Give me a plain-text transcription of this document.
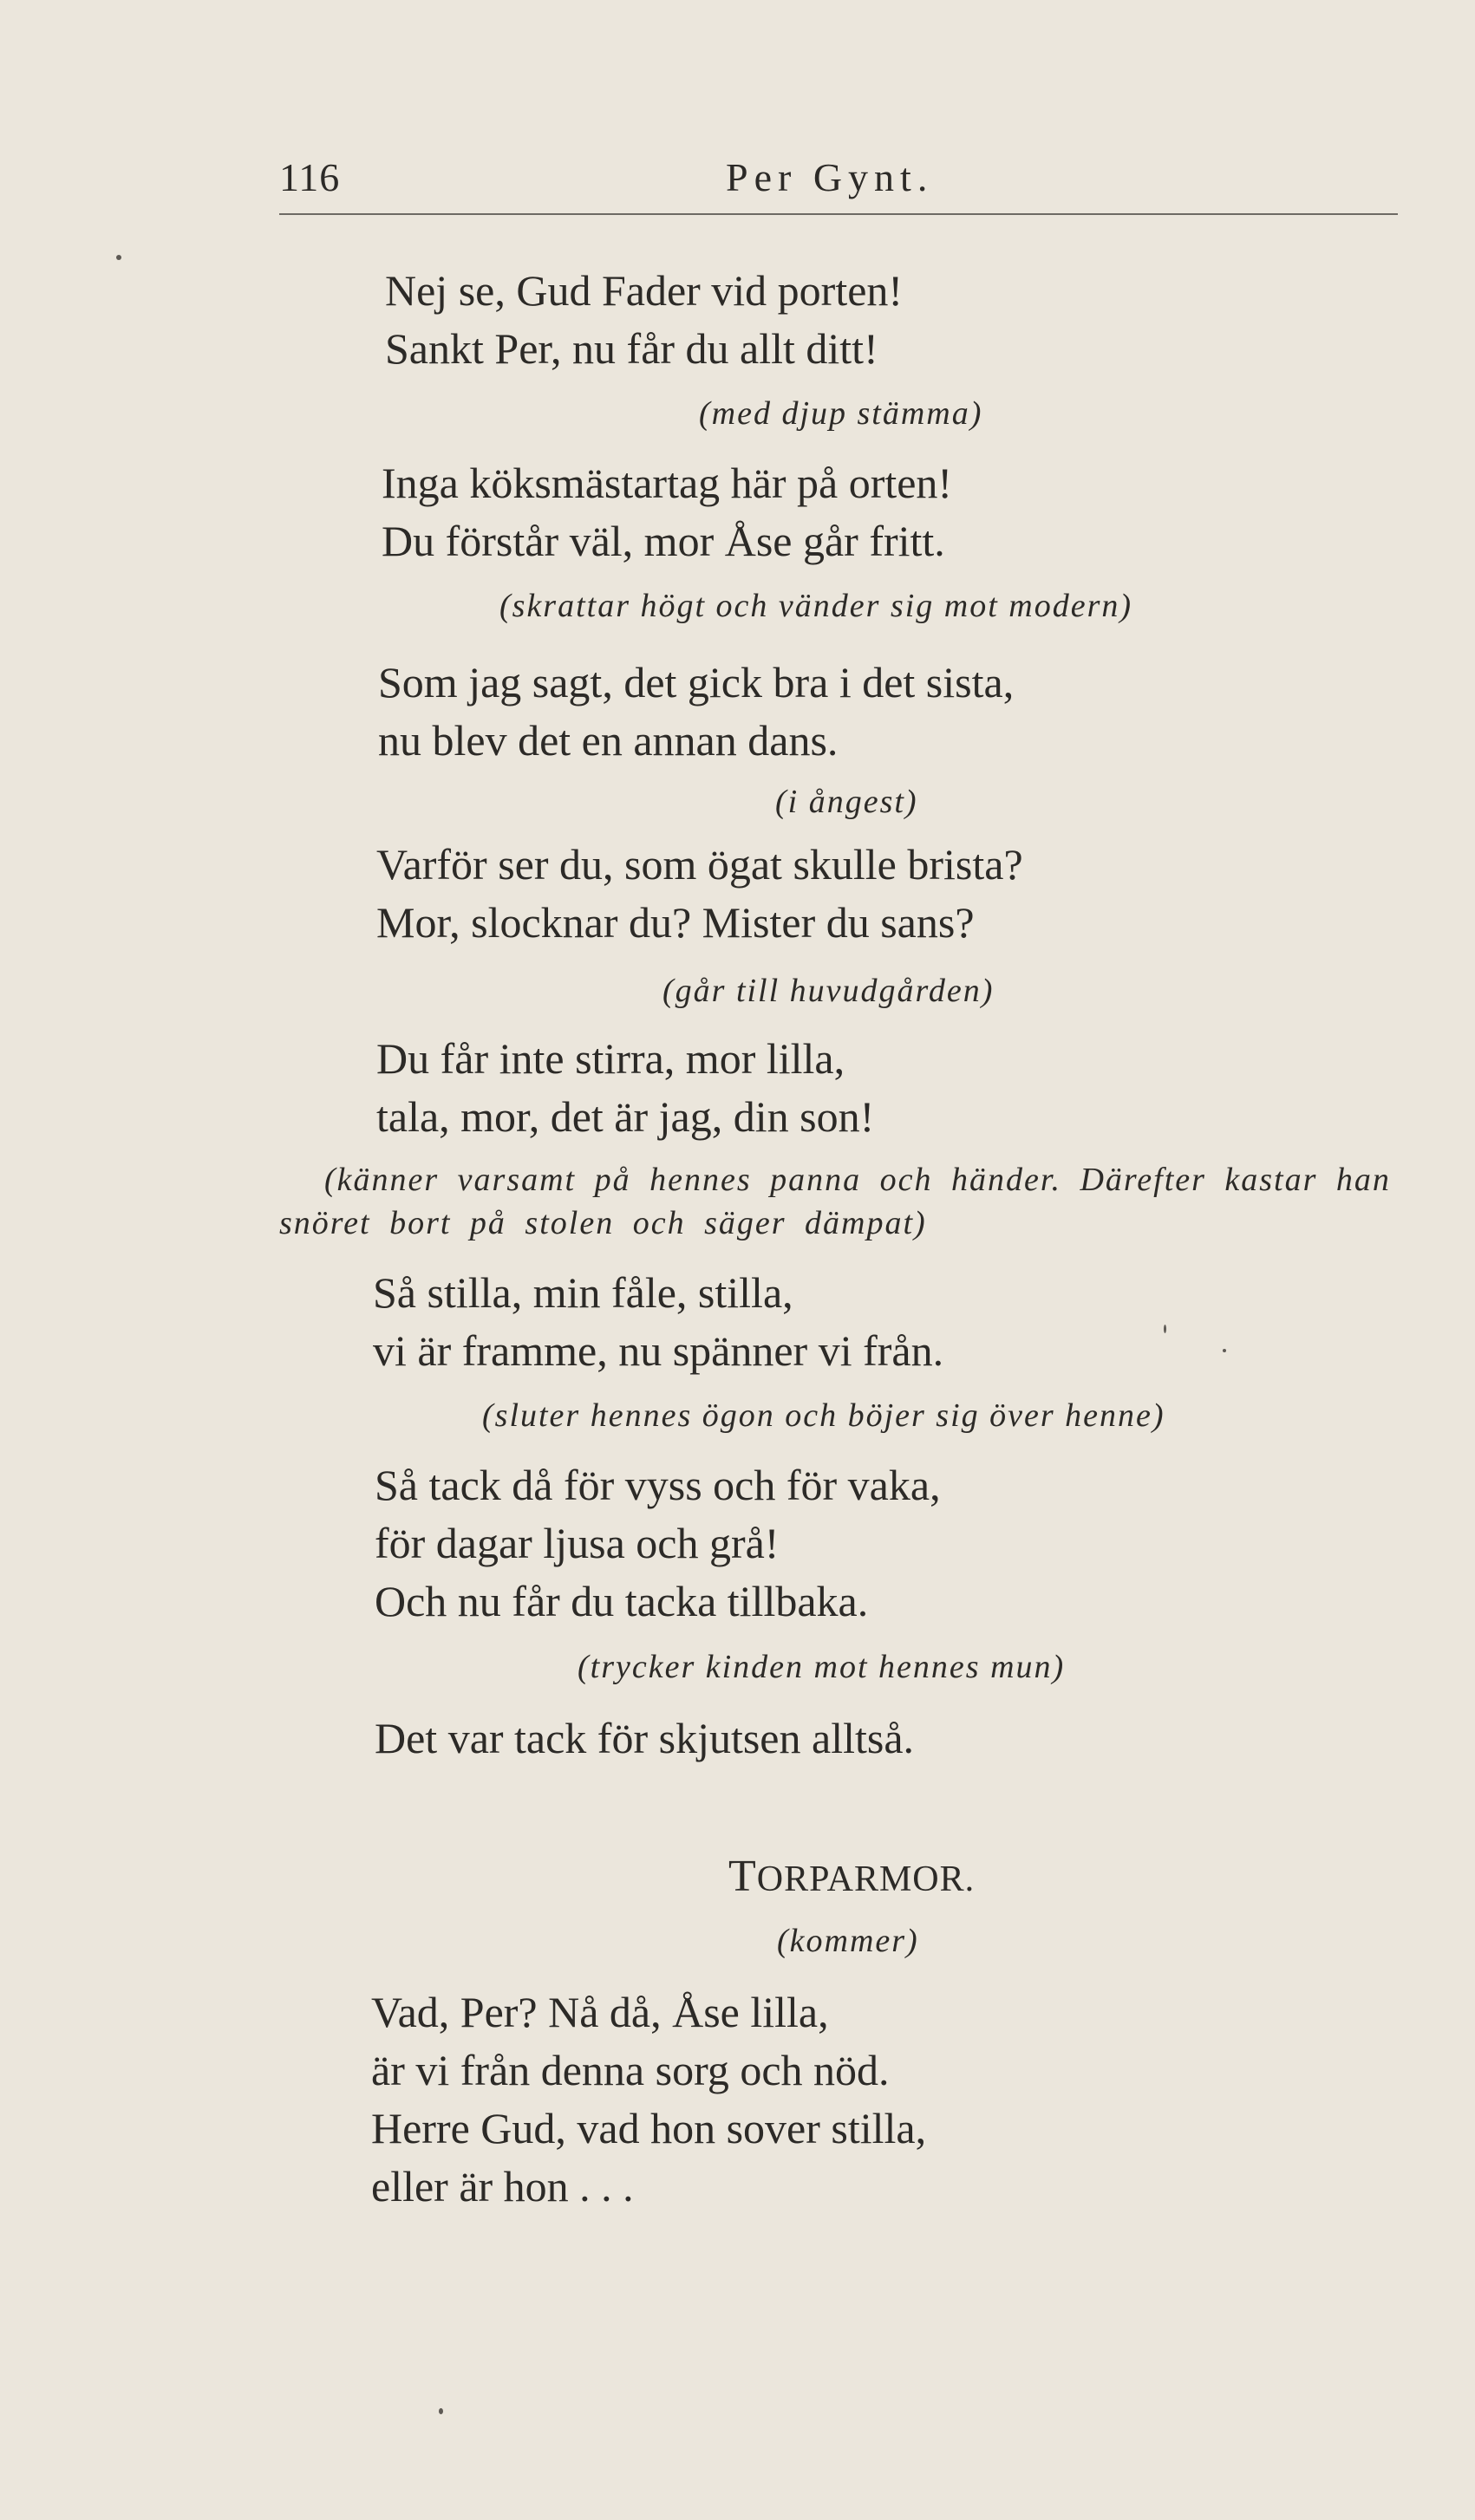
116	Per Gynt.
Nej se, Gud Fader vid porten!
Sankt Per, nu får du allt ditt!
(med djup stämma)
Inga köksmästartag här på orten!
Du förstår väl, mor Åse går fritt.
(skrattar högt och vänder sig mot modern)
Som jag sagt, det gick bra i det sista,
nu blev det en annan dans.
(i ångest)
Varför ser du, som ögat skulle brista?
Mor, slocknar du? Mister du sans?
(går till huvudgården)
Du får inte stirra, mor lilla,
tala, mor, det är jag, din son!
(känner varsamt på hennes panna och händer. Därefter kastar han snöret bort på stolen och säger dämpat)
Så stilla, min fåle, stilla,
vi är framme, nu spänner vi från.
(sluter hennes ögon och böjer sig över henne)
Så tack då för vyss och för vaka,
för dagar ljusa och grå!
Och nu får du tacka tillbaka.
(trycker kinden mot hennes mun)
Det var tack för skjutsen alltså.
TORPARMOR.
(kommer)
Vad, Per? Nå då, Åse lilla,
är vi från denna sorg och nöd.
Herre Gud, vad hon sover stilla,
eller är hon . . .
